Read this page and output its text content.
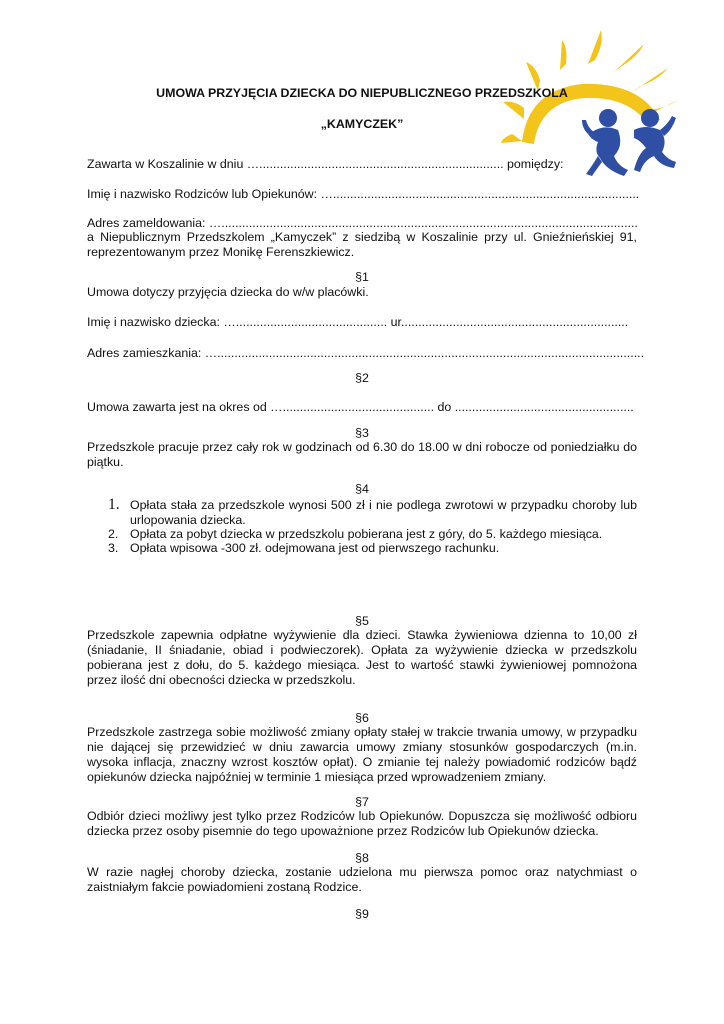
UMOWA PRZYJĘCIA DZIECKA DO NIEPUBLICZNEGO PRZEDSZKOLA
„KAMYCZEK”
Zawarta w Koszalinie w dniu …....................................................................... pomiędzy:
Imię i nazwisko Rodziców lub Opiekunów: ….........................................................................................
Adres zameldowania: ….........................................................................................................................
a Niepublicznym Przedszkolem „Kamyczek” z siedzibą w Koszalinie przy ul. Gnieźnieńskiej 91, reprezentowanym przez Monikę Ferenszkiewicz.
§1
Umowa dotyczy przyjęcia dziecka do w/w placówki.
Imię i nazwisko dziecka: …............................................ ur..................................................................
Adres zamieszkania: …............................................................................................................................
§2
Umowa zawarta jest na okres od …............................................ do ....................................................
§3
Przedszkole pracuje przez cały rok w godzinach od 6.30 do 18.00 w dni robocze od poniedziałku do piątku.
§4
1. Opłata stała za przedszkole wynosi 500 zł i nie podlega zwrotowi w przypadku choroby lub urlopowania dziecka.
2. Opłata za pobyt dziecka w przedszkolu pobierana jest z góry, do 5. każdego miesiąca.
3. Opłata wpisowa -300 zł. odejmowana jest od pierwszego rachunku.
§5
Przedszkole zapewnia odpłatne wyżywienie dla dzieci. Stawka żywieniowa dzienna to 10,00 zł (śniadanie, II śniadanie, obiad i podwieczorek). Opłata za wyżywienie dziecka w przedszkolu pobierana jest z dołu, do 5. każdego miesiąca. Jest to wartość stawki żywieniowej pomnożona przez ilość dni obecności dziecka w przedszkolu.
§6
Przedszkole zastrzega sobie możliwość zmiany opłaty stałej w trakcie trwania umowy, w przypadku nie dającej się przewidzieć w dniu zawarcia umowy zmiany stosunków gospodarczych (m.in. wysoka inflacja, znaczny wzrost kosztów opłat). O zmianie tej należy powiadomić rodziców bądź opiekunów dziecka najpóźniej w terminie 1 miesiąca przed wprowadzeniem zmiany.
§7
Odbiór dzieci możliwy jest tylko przez Rodziców lub Opiekunów. Dopuszcza się możliwość odbioru dziecka przez osoby pisemnie do tego upoważnione przez Rodziców lub Opiekunów dziecka.
§8
W razie nagłej choroby dziecka, zostanie udzielona mu pierwsza pomoc oraz natychmiast o zaistniałym fakcie powiadomieni zostaną Rodzice.
§9
